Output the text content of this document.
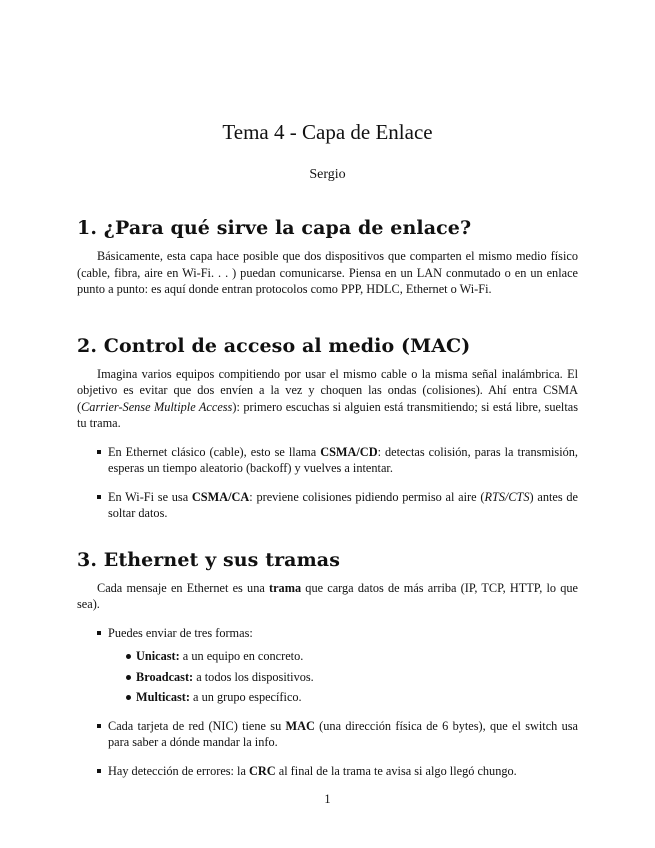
Tema 4 - Capa de Enlace
Sergio
1. ¿Para qué sirve la capa de enlace?

Básicamente, esta capa hace posible que dos dispositivos que comparten el mismo medio físico (cable, fibra, aire en Wi-Fi. . . ) puedan comunicarse. Piensa en un LAN conmutado o en un enlace punto a punto: es aquí donde entran protocolos como PPP, HDLC, Ethernet o Wi-Fi.

2. Control de acceso al medio (MAC)

Imagina varios equipos compitiendo por usar el mismo cable o la misma señal inalámbrica. El objetivo es evitar que dos envíen a la vez y choquen las ondas (colisiones). Ahí entra CSMA (Carrier-Sense Multiple Access): primero escuchas si alguien está transmitiendo; si está libre, sueltas tu trama.

En Ethernet clásico (cable), esto se llama CSMA/CD: detectas colisión, paras la transmisión, esperas un tiempo aleatorio (backoff) y vuelves a intentar.
En Wi-Fi se usa CSMA/CA: previene colisiones pidiendo permiso al aire (RTS/CTS) antes de soltar datos.
3. Ethernet y sus tramas

Cada mensaje en Ethernet es una trama que carga datos de más arriba (IP, TCP, HTTP, lo que sea).

Puedes enviar de tres formas:
Unicast: a un equipo en concreto.
Broadcast: a todos los dispositivos.
Multicast: a un grupo específico.
Cada tarjeta de red (NIC) tiene su MAC (una dirección física de 6 bytes), que el switch usa para saber a dónde mandar la info.
Hay detección de errores: la CRC al final de la trama te avisa si algo llegó chungo.
1
